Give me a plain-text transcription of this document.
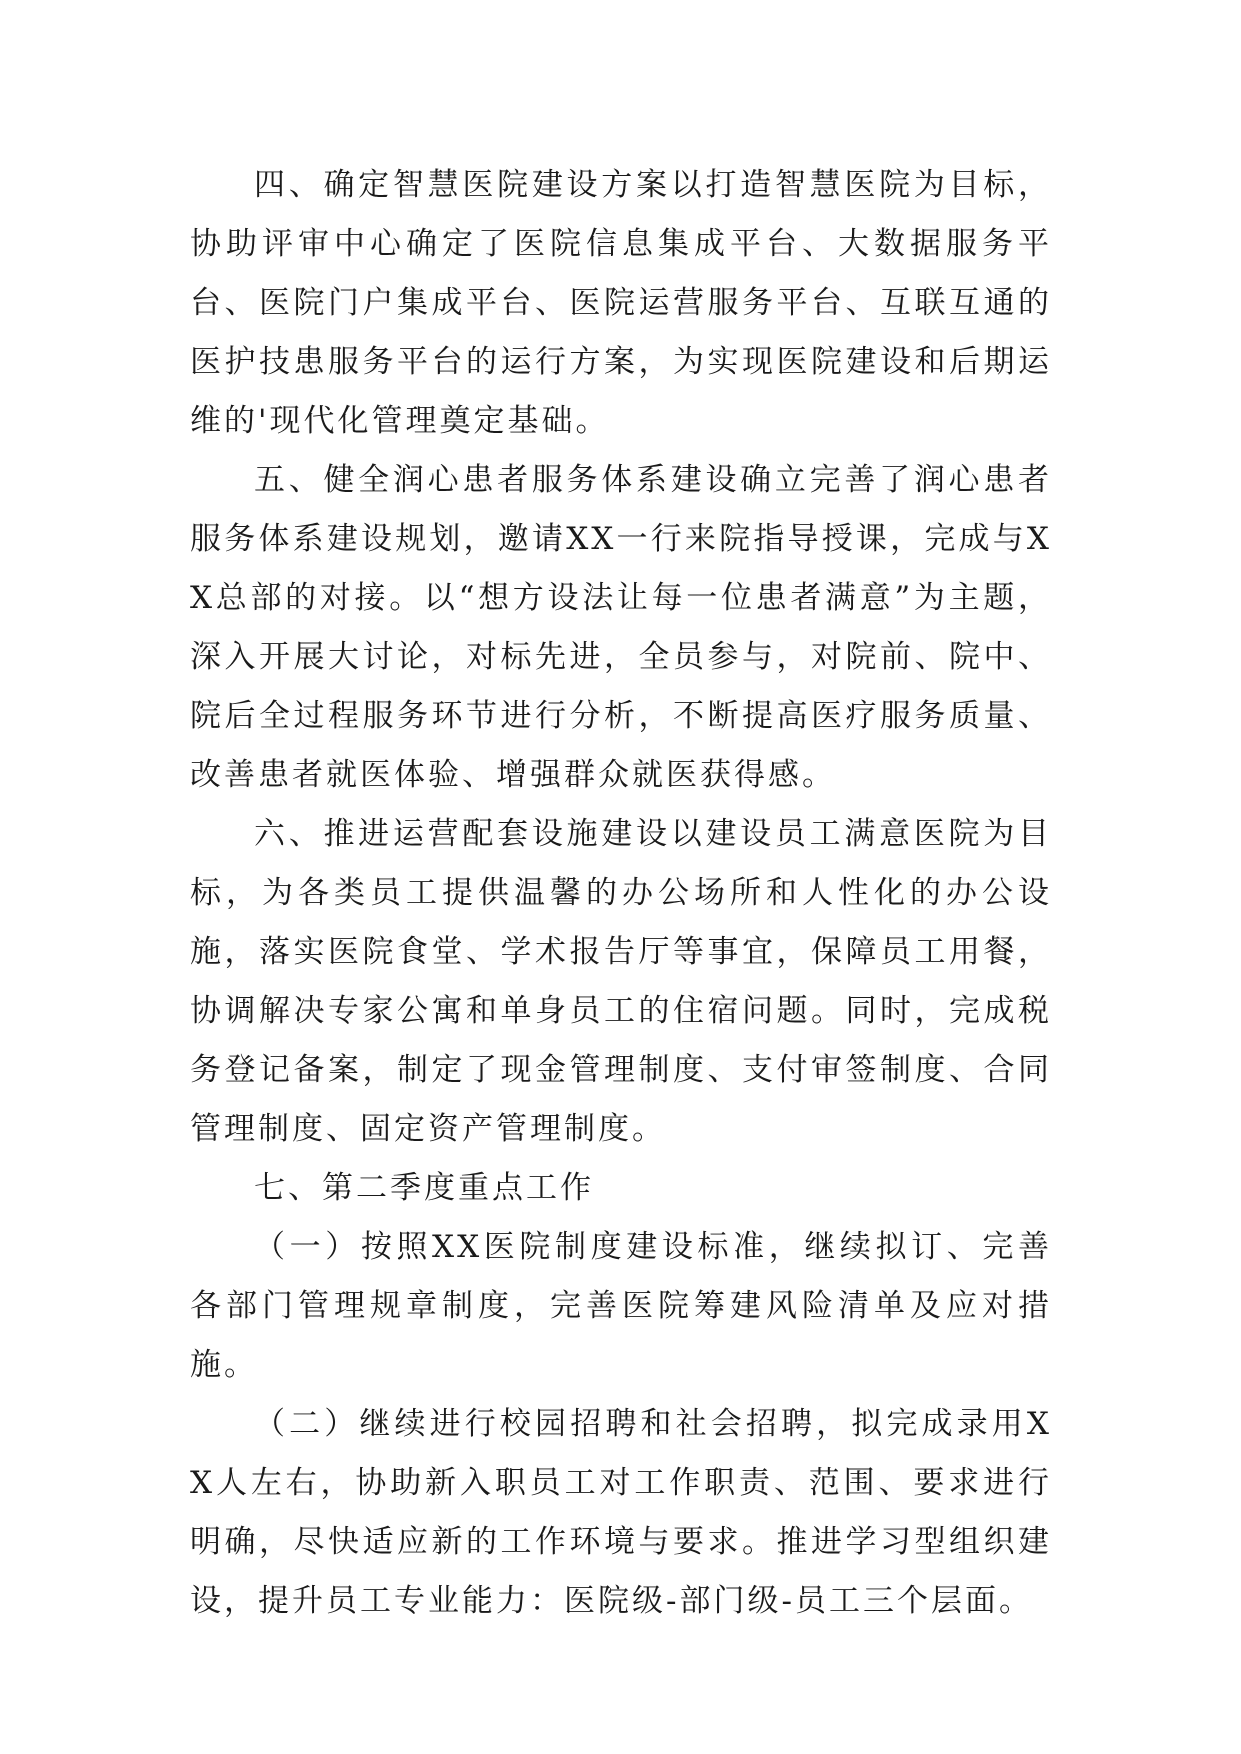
四、确定智慧医院建设方案以打造智慧医院为目标，协助评审中心确定了医院信息集成平台、大数据服务平台、医院门户集成平台、医院运营服务平台、互联互通的医护技患服务平台的运行方案，为实现医院建设和后期运维的'现代化管理奠定基础。

五、健全润心患者服务体系建设确立完善了润心患者服务体系建设规划，邀请XX一行来院指导授课，完成与XX总部的对接。以“想方设法让每一位患者满意”为主题，深入开展大讨论，对标先进，全员参与，对院前、院中、院后全过程服务环节进行分析，不断提高医疗服务质量、改善患者就医体验、增强群众就医获得感。

六、推进运营配套设施建设以建设员工满意医院为目标，为各类员工提供温馨的办公场所和人性化的办公设施，落实医院食堂、学术报告厅等事宜，保障员工用餐，协调解决专家公寓和单身员工的住宿问题。同时，完成税务登记备案，制定了现金管理制度、支付审签制度、合同管理制度、固定资产管理制度。

七、第二季度重点工作

（一）按照XX医院制度建设标准，继续拟订、完善各部门管理规章制度，完善医院筹建风险清单及应对措施。

（二）继续进行校园招聘和社会招聘，拟完成录用XX人左右，协助新入职员工对工作职责、范围、要求进行明确，尽快适应新的工作环境与要求。推进学习型组织建设，提升员工专业能力：医院级-部门级-员工三个层面。
